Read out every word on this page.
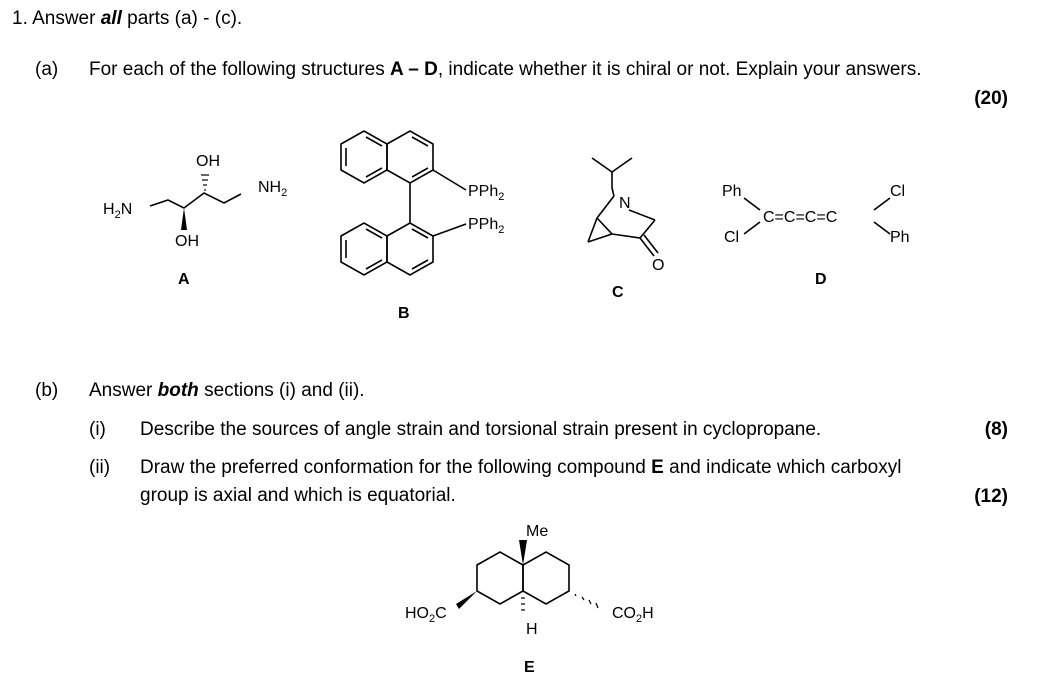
1. Answer all parts (a) - (c).
(a) For each of the following structures A – D, indicate whether it is chiral or not. Explain your answers.
(20)
OH
OH
$H_2N$
$NH_2$
A
PPh$_2$
PPh$_2$
B
N
O
C
Ph
Cl
C=C=C=C
Cl
Ph
D
Me
H
$HO_2C$	$CO_2H$
E
(b) Answer both sections (i) and (ii).
(i) Describe the sources of angle strain and torsional strain present in cyclopropane.	(8)
(ii) Draw the preferred conformation for the following compound E and indicate which carboxyl
group is axial and which is equatorial.	(12)
